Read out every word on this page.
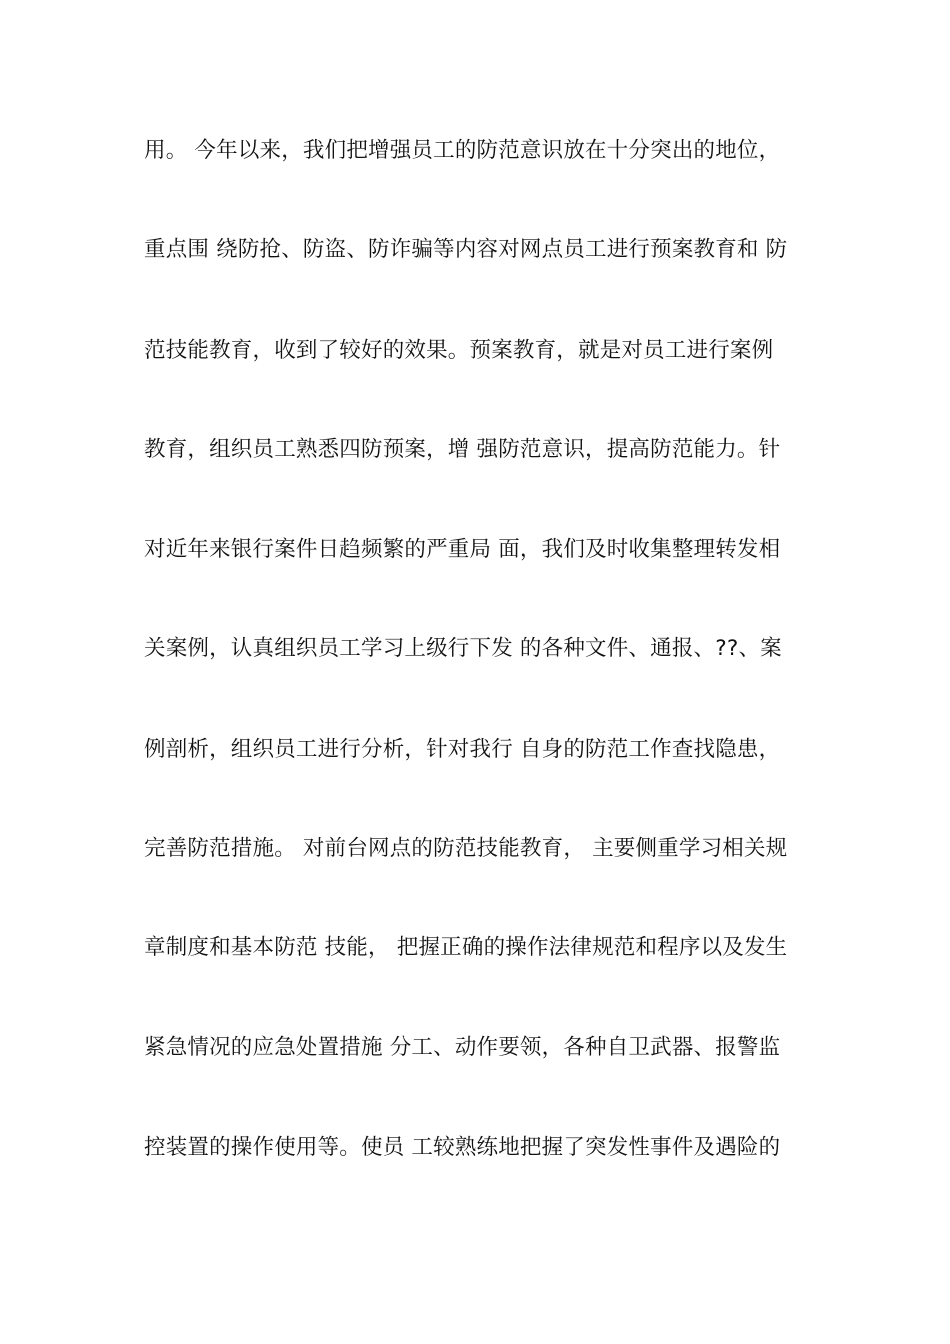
用。 今年以来，我们把增强员工的防范意识放在十分突出的地位，
重点围 绕防抢、防盗、防诈骗等内容对网点员工进行预案教育和 防
范技能教育，收到了较好的效果。预案教育，就是对员工进行案例
教育，组织员工熟悉四防预案，增 强防范意识，提高防范能力。针
对近年来银行案件日趋频繁的严重局 面，我们及时收集整理转发相
关案例，认真组织员工学习上级行下发 的各种文件、通报、??、案
例剖析，组织员工进行分析，针对我行 自身的防范工作查找隐患，
完善防范措施。 对前台网点的防范技能教育， 主要侧重学习相关规
章制度和基本防范 技能， 把握正确的操作法律规范和程序以及发生
紧急情况的应急处置措施 分工、动作要领，各种自卫武器、报警监
控装置的操作使用等。使员 工较熟练地把握了突发性事件及遇险的
